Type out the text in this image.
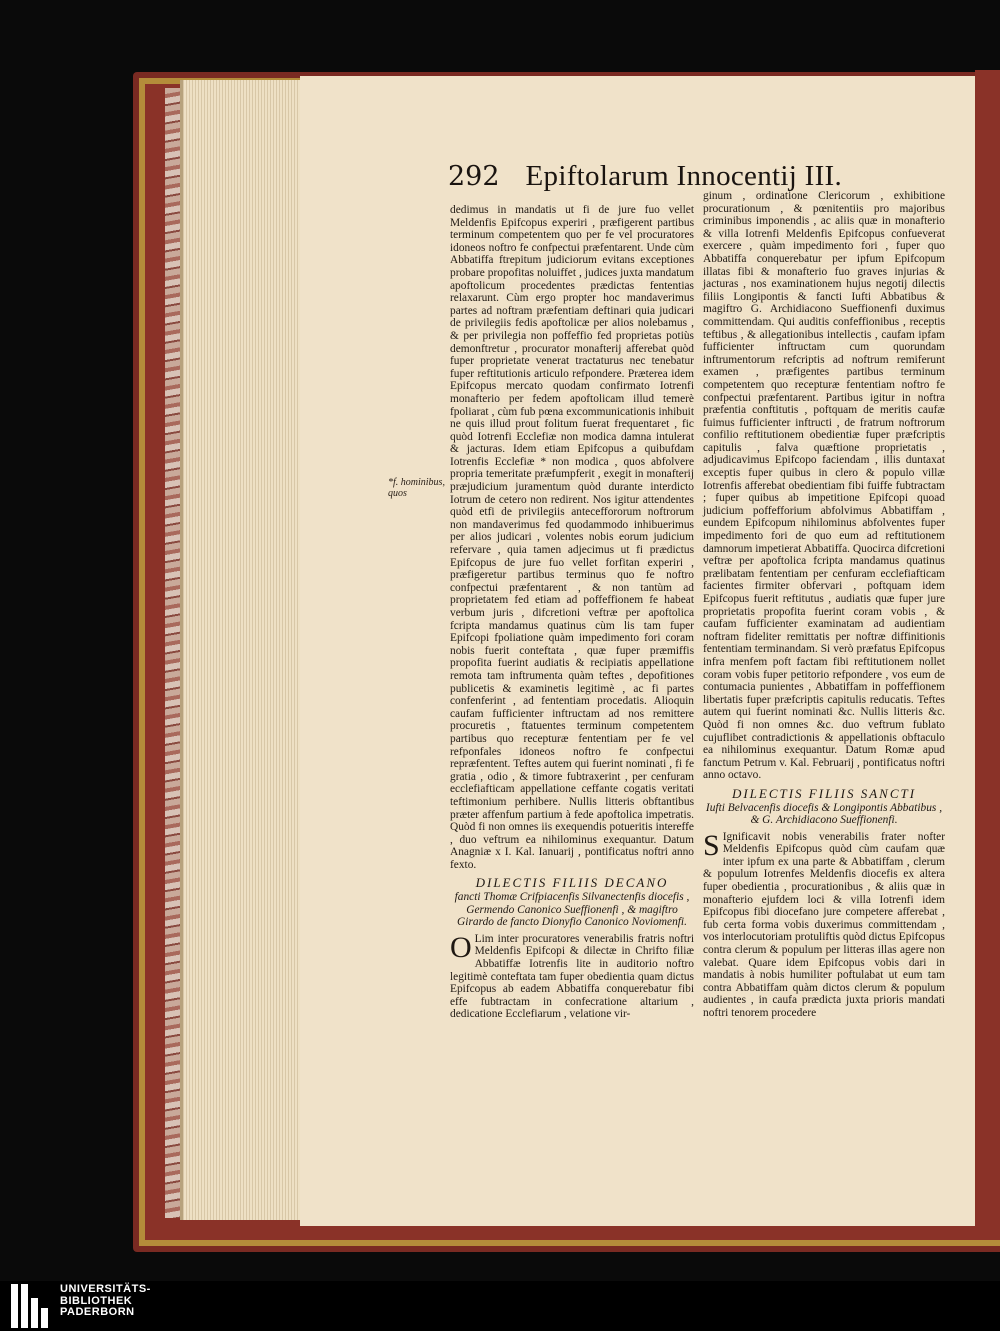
292 Epiftolarum Innocentij III.
*f. hominibus, quos

dedimus in mandatis ut fi de jure fuo vellet Meldenfis Epifcopus experiri , præfigerent partibus terminum competentem quo per fe vel procuratores idoneos noftro fe confpectui præfentarent. Unde cùm Abbatiffa ftrepitum judiciorum evitans exceptiones probare propofitas noluiffet , judices juxta mandatum apoftolicum procedentes prædictas fententias relaxarunt. Cùm ergo propter hoc mandaverimus partes ad noftram præfentiam deftinari quia judicari de privilegiis fedis apoftolicæ per alios nolebamus , & per privilegia non poffeffio fed proprietas potiùs demonftretur , procurator monafterij afferebat quòd fuper proprietate venerat tractaturus nec tenebatur fuper reftitutionis articulo refpondere. Præterea idem Epifcopus mercato quodam confirmato Iotrenfi monafterio per fedem apoftolicam illud temerè fpoliarat , cùm fub pœna excommunicationis inhibuit ne quis illud prout folitum fuerat frequentaret , fic quòd Iotrenfi Ecclefiæ non modica damna intulerat & jacturas. Idem etiam Epifcopus a quibufdam Iotrenfis Ecclefiæ * non modica , quos abfolvere propria temeritate præfumpferit , exegit in monafterij præjudicium juramentum quòd durante interdicto Iotrum de cetero non redirent. Nos igitur attendentes quòd etfi de privilegiis anteceffororum noftrorum non mandaverimus fed quodammodo inhibuerimus per alios judicari , volentes nobis eorum judicium refervare , quia tamen adjecimus ut fi prædictus Epifcopus de jure fuo vellet forfitan experiri , præfigeretur partibus terminus quo fe noftro confpectui præfentarent , & non tantùm ad proprietatem fed etiam ad poffeffionem fe habeat verbum juris , difcretioni veftræ per apoftolica fcripta mandamus quatinus cùm lis tam fuper Epifcopi fpoliatione quàm impedimento fori coram nobis fuerit conteftata , quæ fuper præmiffis propofita fuerint audiatis & recipiatis appellatione remota tam inftrumenta quàm teftes , depofitiones publicetis & examinetis legitimè , ac fi partes confenferint , ad fententiam procedatis. Alioquin caufam fufficienter inftructam ad nos remittere procuretis , ftatuentes terminum competentem partibus quo recepturæ fententiam per fe vel refponfales idoneos noftro fe confpectui repræfentent. Teftes autem qui fuerint nominati , fi fe gratia , odio , & timore fubtraxerint , per cenfuram ecclefiafticam appellatione ceffante cogatis veritati teftimonium perhibere. Nullis litteris obftantibus præter affenfum partium à fede apoftolica impetratis. Quòd fi non omnes iis exequendis potueritis intereffe , duo veftrum ea nihilominus exequantur. Datum Anagniæ x I. Kal. Ianuarij , pontificatus noftri anno fexto.

DILECTIS FILIIS DECANO
fancti Thomæ Crifpiacenfis Silvanectenfis diocefis , Germendo Canonico Sueffionenfi , & magiftro Girardo de fancto Dionyfio Canonico Noviomenfi.

O Lim inter procuratores venerabilis fratris noftri Meldenfis Epifcopi & dilectæ in Chrifto filiæ Abbatiffæ Iotrenfis lite in auditorio noftro legitimè conteftata tam fuper obedientia quam dictus Epifcopus ab eadem Abbatiffa conquerebatur fibi effe fubtractam in confecratione altarium , dedicatione Ecclefiarum , velatione vir-

ginum , ordinatione Clericorum , exhibitione procurationum , & pœnitentiis pro majoribus criminibus imponendis , ac aliis quæ in monafterio & villa Iotrenfi Meldenfis Epifcopus confueverat exercere , quàm impedimento fori , fuper quo Abbatiffa conquerebatur per ipfum Epifcopum illatas fibi & monafterio fuo graves injurias & jacturas , nos examinationem hujus negotij dilectis filiis Longipontis & fancti Iufti Abbatibus & magiftro G. Archidiacono Sueffionenfi duximus committendam. Qui auditis confeffionibus , receptis teftibus , & allegationibus intellectis , caufam ipfam fufficienter inftructam cum quorundam inftrumentorum refcriptis ad noftrum remiferunt examen , præfigentes partibus terminum competentem quo recepturæ fententiam noftro fe confpectui præfentarent. Partibus igitur in noftra præfentia conftitutis , poftquam de meritis caufæ fuimus fufficienter inftructi , de fratrum noftrorum confilio reftitutionem obedientiæ fuper præfcriptis capitulis , falva quæftione proprietatis , adjudicavimus Epifcopo faciendam , illis duntaxat exceptis fuper quibus in clero & populo villæ Iotrenfis afferebat obedientiam fibi fuiffe fubtractam ; fuper quibus ab impetitione Epifcopi quoad judicium poffefforium abfolvimus Abbatiffam , eundem Epifcopum nihilominus abfolventes fuper impedimento fori de quo eum ad reftitutionem damnorum impetierat Abbatiffa. Quocirca difcretioni veftræ per apoftolica fcripta mandamus quatinus prælibatam fententiam per cenfuram ecclefiafticam facientes firmiter obfervari , poftquam idem Epifcopus fuerit reftitutus , audiatis quæ fuper jure proprietatis propofita fuerint coram vobis , & caufam fufficienter examinatam ad audientiam noftram fideliter remittatis per noftræ diffinitionis fententiam terminandam. Si verò præfatus Epifcopus infra menfem poft factam fibi reftitutionem nollet coram vobis fuper petitorio refpondere , vos eum de contumacia punientes , Abbatiffam in poffeffionem libertatis fuper præfcriptis capitulis reducatis. Teftes autem qui fuerint nominati &c. Nullis litteris &c. Quòd fi non omnes &c. duo veftrum fublato cujuflibet contradictionis & appellationis obftaculo ea nihilominus exequantur. Datum Romæ apud fanctum Petrum v. Kal. Februarij , pontificatus noftri anno octavo.

DILECTIS FILIIS SANCTI
Iufti Belvacenfis diocefis & Longipontis Abbatibus , & G. Archidiacono Sueffionenfi.

S Ignificavit nobis venerabilis frater nofter Meldenfis Epifcopus quòd cùm caufam quæ inter ipfum ex una parte & Abbatiffam , clerum & populum Iotrenfes Meldenfis diocefis ex altera fuper obedientia , procurationibus , & aliis quæ in monafterio ejufdem loci & villa Iotrenfi idem Epifcopus fibi diocefano jure competere afferebat , fub certa forma vobis duxerimus committendam , vos interlocutoriam protuliftis quòd dictus Epifcopus contra clerum & populum per litteras illas agere non valebat. Quare idem Epifcopus vobis dari in mandatis à nobis humiliter poftulabat ut eum tam contra Abbatiffam quàm dictos clerum & populum audientes , in caufa prædicta juxta prioris mandati noftri tenorem procedere

UNIVERSITÄTS-
BIBLIOTHEK
PADERBORN
